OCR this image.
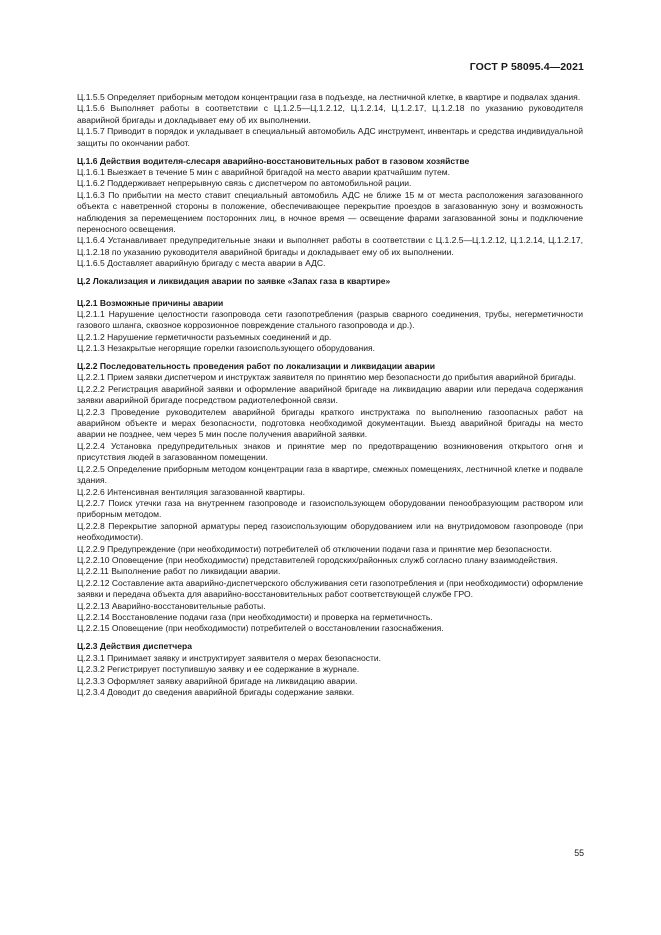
ГОСТ Р 58095.4—2021
Ц.1.5.5 Определяет приборным методом концентрации газа в подъезде, на лестничной клетке, в квартире и подвалах здания.
Ц.1.5.6 Выполняет работы в соответствии с Ц.1.2.5—Ц.1.2.12, Ц.1.2.14, Ц.1.2.17, Ц.1.2.18 по указанию руководителя аварийной бригады и докладывает ему об их выполнении.
Ц.1.5.7 Приводит в порядок и укладывает в специальный автомобиль АДС инструмент, инвентарь и средства индивидуальной защиты по окончании работ.
Ц.1.6 Действия водителя-слесаря аварийно-восстановительных работ в газовом хозяйстве
Ц.1.6.1 Выезжает в течение 5 мин с аварийной бригадой на место аварии кратчайшим путем.
Ц.1.6.2 Поддерживает непрерывную связь с диспетчером по автомобильной рации.
Ц.1.6.3 По прибытии на место ставит специальный автомобиль АДС не ближе 15 м от места расположения загазованного объекта с наветренной стороны в положение, обеспечивающее перекрытие проездов в загазованную зону и возможность наблюдения за перемещением посторонних лиц, в ночное время — освещение фарами загазованной зоны и подключение переносного освещения.
Ц.1.6.4 Устанавливает предупредительные знаки и выполняет работы в соответствии с Ц.1.2.5—Ц.1.2.12, Ц.1.2.14, Ц.1.2.17, Ц.1.2.18 по указанию руководителя аварийной бригады и докладывает ему об их выполнении.
Ц.1.6.5 Доставляет аварийную бригаду с места аварии в АДС.
Ц.2 Локализация и ликвидация аварии по заявке «Запах газа в квартире»
Ц.2.1 Возможные причины аварии
Ц.2.1.1 Нарушение целостности газопровода сети газопотребления (разрыв сварного соединения, трубы, негерметичности газового шланга, сквозное коррозионное повреждение стального газопровода и др.).
Ц.2.1.2 Нарушение герметичности разъемных соединений и др.
Ц.2.1.3 Незакрытые негорящие горелки газоиспользующего оборудования.
Ц.2.2 Последовательность проведения работ по локализации и ликвидации аварии
Ц.2.2.1 Прием заявки диспетчером и инструктаж заявителя по принятию мер безопасности до прибытия аварийной бригады.
Ц.2.2.2 Регистрация аварийной заявки и оформление аварийной бригаде на ликвидацию аварии или передача содержания заявки аварийной бригаде посредством радиотелефонной связи.
Ц.2.2.3 Проведение руководителем аварийной бригады краткого инструктажа по выполнению газоопасных работ на аварийном объекте и мерах безопасности, подготовка необходимой документации. Выезд аварийной бригады на место аварии не позднее, чем через 5 мин после получения аварийной заявки.
Ц.2.2.4 Установка предупредительных знаков и принятие мер по предотвращению возникновения открытого огня и присутствия людей в загазованном помещении.
Ц.2.2.5 Определение приборным методом концентрации газа в квартире, смежных помещениях, лестничной клетке и подвале здания.
Ц.2.2.6 Интенсивная вентиляция загазованной квартиры.
Ц.2.2.7 Поиск утечки газа на внутреннем газопроводе и газоиспользующем оборудовании пенообразующим раствором или приборным методом.
Ц.2.2.8 Перекрытие запорной арматуры перед газоиспользующим оборудованием или на внутридомовом газопроводе (при необходимости).
Ц.2.2.9 Предупреждение (при необходимости) потребителей об отключении подачи газа и принятие мер безопасности.
Ц.2.2.10 Оповещение (при необходимости) представителей городских/районных служб согласно плану взаимодействия.
Ц.2.2.11 Выполнение работ по ликвидации аварии.
Ц.2.2.12 Составление акта аварийно-диспетчерского обслуживания сети газопотребления и (при необходимости) оформление заявки и передача объекта для аварийно-восстановительных работ соответствующей службе ГРО.
Ц.2.2.13 Аварийно-восстановительные работы.
Ц.2.2.14 Восстановление подачи газа (при необходимости) и проверка на герметичность.
Ц.2.2.15 Оповещение (при необходимости) потребителей о восстановлении газоснабжения.
Ц.2.3 Действия диспетчера
Ц.2.3.1 Принимает заявку и инструктирует заявителя о мерах безопасности.
Ц.2.3.2 Регистрирует поступившую заявку и ее содержание в журнале.
Ц.2.3.3 Оформляет заявку аварийной бригаде на ликвидацию аварии.
Ц.2.3.4 Доводит до сведения аварийной бригады содержание заявки.
55
